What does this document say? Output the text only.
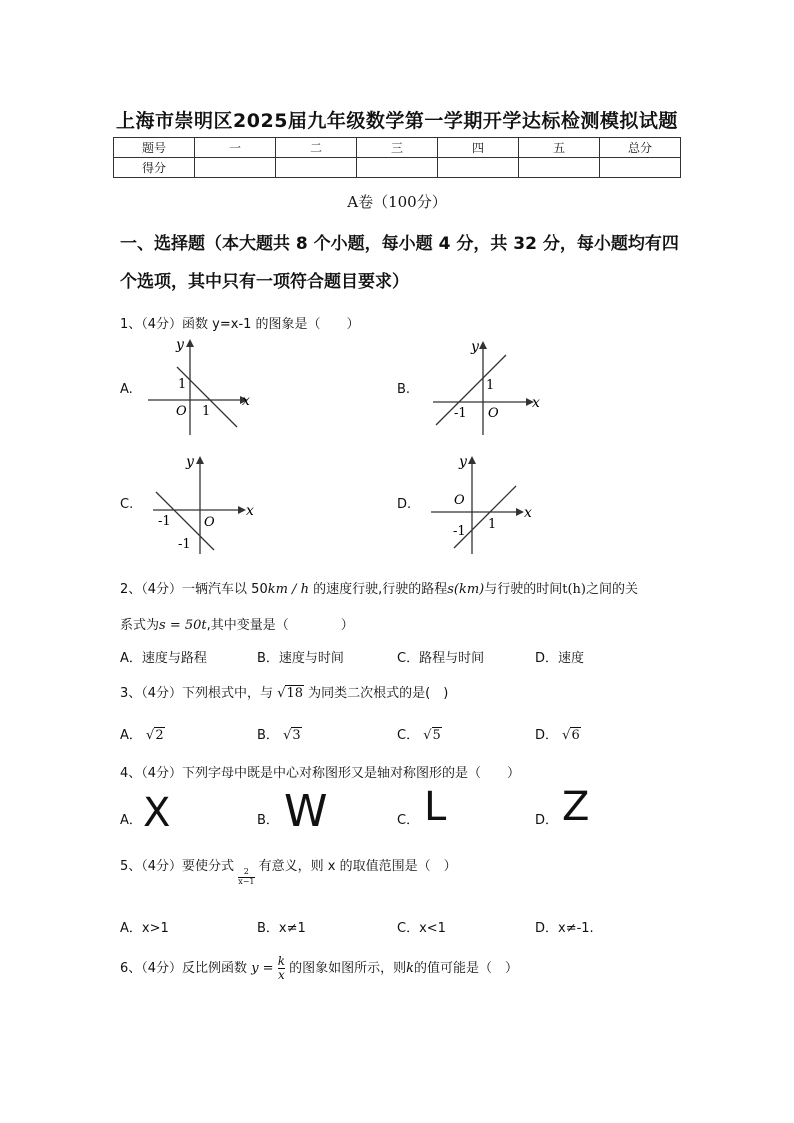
上海市崇明区2025届九年级数学第一学期开学达标检测模拟试题
题号	一	二	三	四	五	总分
得分						
A卷（100分）
一、选择题（本大题共 8 个小题，每小题 4 分，共 32 分，每小题均有四个选项，其中只有一项符合题目要求）
1、（4分）函数 y=x-1 的图象是（　　）
A.	B.
C.	D.
x
y
O
1
1
x
y
O
1
-1
x
y
O
-1
-1
x
y
O
-1 1
2、（4分）一辆汽车以 50km / h 的速度行驶,行驶的路程s(km)与行驶的时间t(h)之间的关
系式为s = 50t,其中变量是（　　　　）
A．速度与路程	B．速度与时间	C．路程与时间	D．速度
3、（4分）下列根式中，与 √18 为同类二次根式的是(　)
A． √2	B． √3	C． √5	D． √6
4、（4分）下列字母中既是中心对称图形又是轴对称图形的是（　　）
A． X	B． W	C． L	D． Z
5、（4分）要使分式
$\frac{2}{x-1}$
有意义，则 x 的取值范围是（　）
A．x>1	B．x≠1	C．x<1	D．x≠-1.
6、（4分）反比例函数 $y = \frac{k}{x}$ 的图象如图所示，则k的值可能是（　）
